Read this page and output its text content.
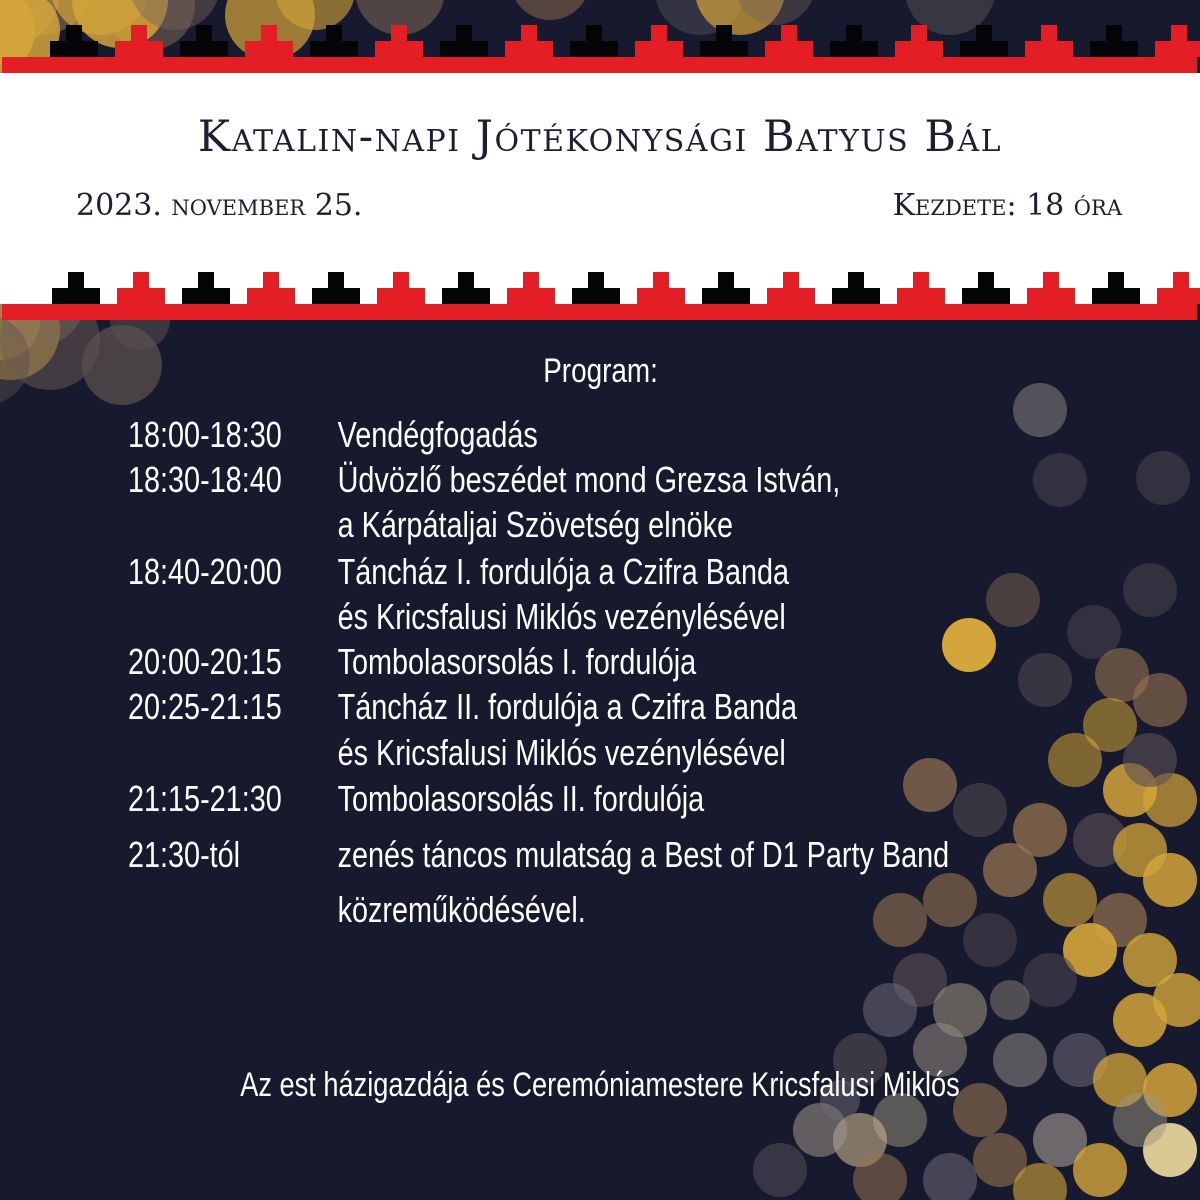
Katalin-napi Jótékonysági Batyus Bál
2023. november 25.	Kezdete: 18 óra
Program:
18:00-18:30 Vendégfogadás
18:30-18:40 Üdvözlő beszédet mond Grezsa István,
a Kárpátaljai Szövetség elnöke
18:40-20:00 Táncház I. fordulója a Czifra Banda
és Kricsfalusi Miklós vezénylésével
20:00-20:15 Tombolasorsolás I. fordulója
20:25-21:15 Táncház II. fordulója a Czifra Banda
és Kricsfalusi Miklós vezénylésével
21:15-21:30 Tombolasorsolás II. fordulója
21:30-tól	zenés táncos mulatság a Best of D1 Party Band
közreműködésével.
Az est házigazdája és Ceremóniamestere Kricsfalusi Miklós
